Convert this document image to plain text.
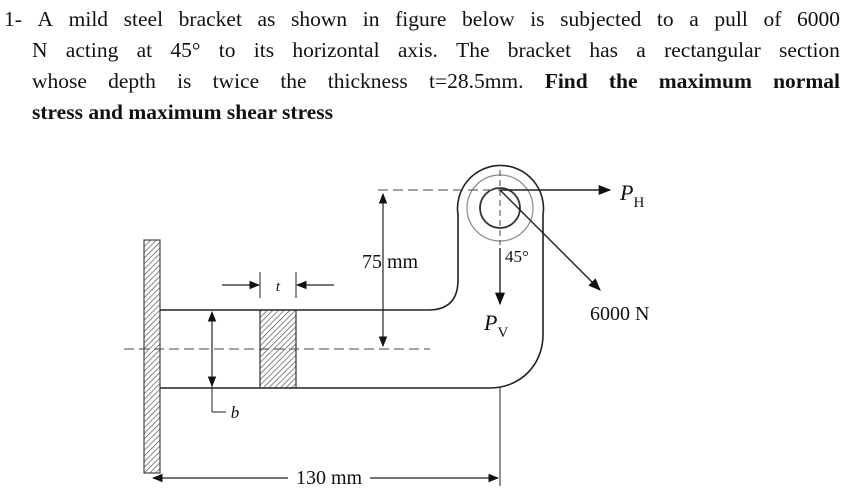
1- A mild steel bracket as shown in figure below is subjected to a pull of 6000
N acting at 45° to its horizontal axis. The bracket has a rectangular section
whose depth is twice the thickness t=28.5mm. Find the maximum normal
stress and maximum shear stress
t
b
75 mm
130 mm
$P_H$
6000 N
45°
$P_V$
